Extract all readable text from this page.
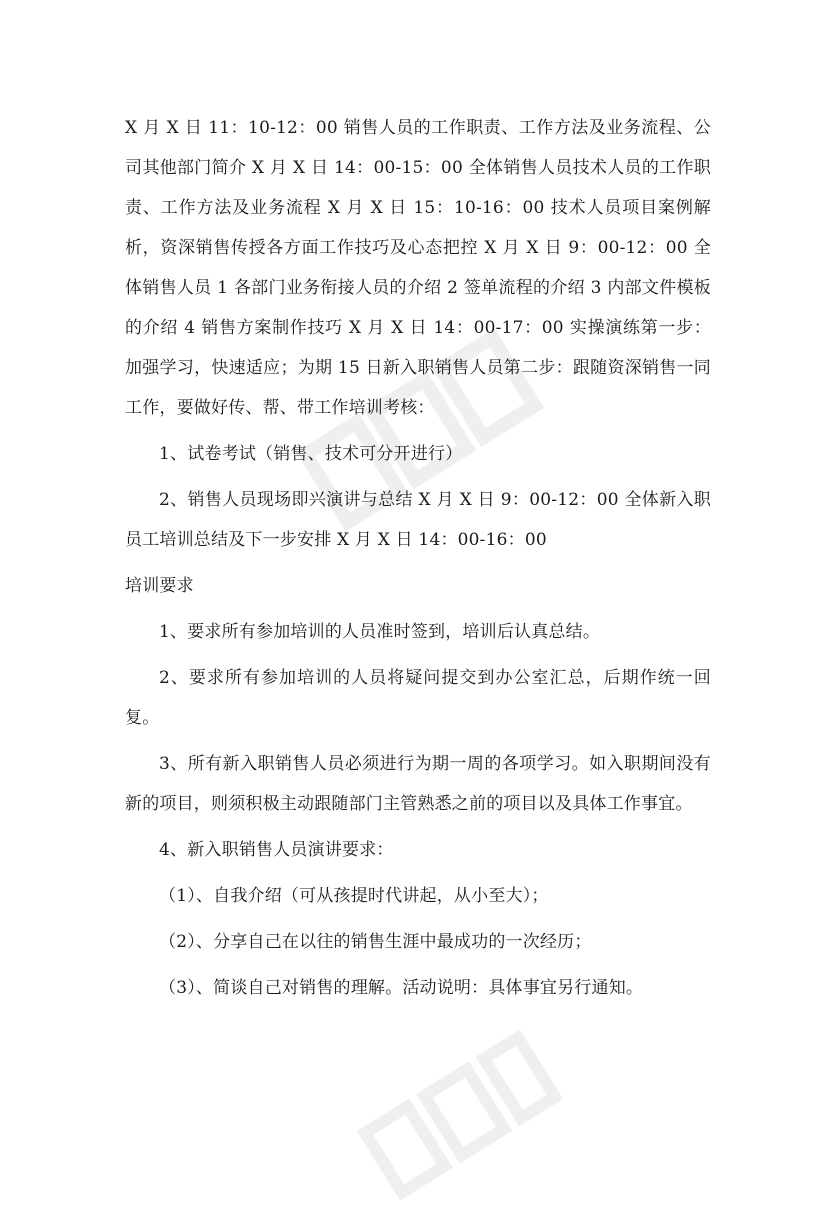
X 月 X 日 11：10-12：00 销售人员的工作职责、工作方法及业务流程、公司其他部门简介 X 月 X 日 14：00-15：00 全体销售人员技术人员的工作职责、工作方法及业务流程 X 月 X 日 15：10-16：00 技术人员项目案例解析，资深销售传授各方面工作技巧及心态把控 X 月 X 日 9：00-12：00 全体销售人员 1 各部门业务衔接人员的介绍 2 签单流程的介绍 3 内部文件模板的介绍 4 销售方案制作技巧 X 月 X 日 14：00-17：00 实操演练第一步：加强学习，快速适应；为期 15 日新入职销售人员第二步：跟随资深销售一同工作，要做好传、帮、带工作培训考核：

1、试卷考试（销售、技术可分开进行）

2、销售人员现场即兴演讲与总结 X 月 X 日 9：00-12：00 全体新入职员工培训总结及下一步安排 X 月 X 日 14：00-16：00

培训要求

1、要求所有参加培训的人员准时签到，培训后认真总结。

2、要求所有参加培训的人员将疑问提交到办公室汇总，后期作统一回复。

3、所有新入职销售人员必须进行为期一周的各项学习。如入职期间没有新的项目，则须积极主动跟随部门主管熟悉之前的项目以及具体工作事宜。

4、新入职销售人员演讲要求：

（1）、自我介绍（可从孩提时代讲起，从小至大）；

（2）、分享自己在以往的销售生涯中最成功的一次经历；

（3）、简谈自己对销售的理解。活动说明：具体事宜另行通知。
